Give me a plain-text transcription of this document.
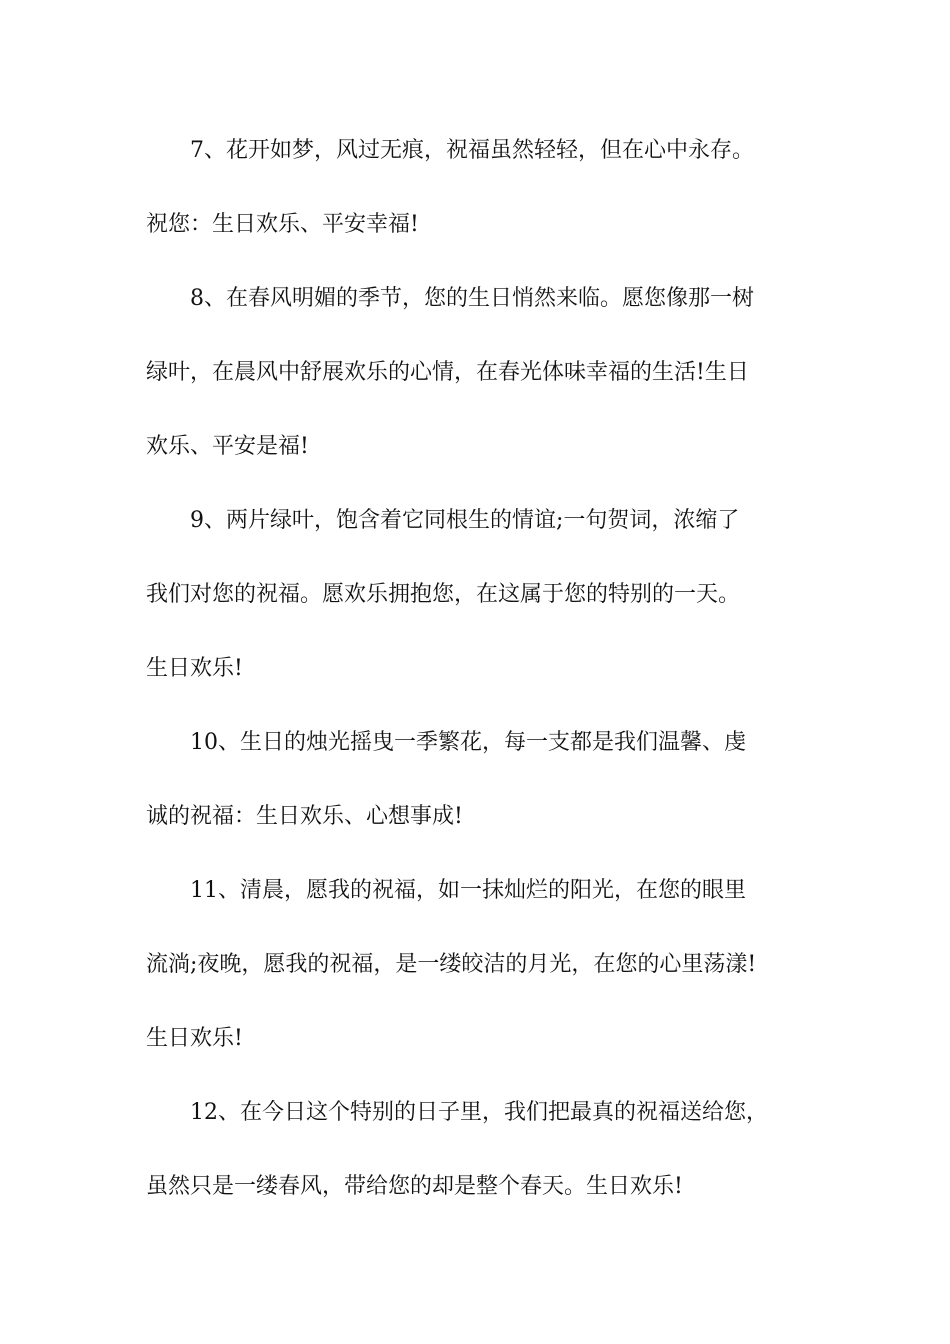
7、花开如梦，风过无痕，祝福虽然轻轻，但在心中永存。
祝您：生日欢乐、平安幸福!
8、在春风明媚的季节，您的生日悄然来临。愿您像那一树
绿叶，在晨风中舒展欢乐的心情，在春光体味幸福的生活!生日
欢乐、平安是福!
9、两片绿叶，饱含着它同根生的情谊;一句贺词，浓缩了
我们对您的祝福。愿欢乐拥抱您，在这属于您的特别的一天。
生日欢乐!
10、生日的烛光摇曳一季繁花，每一支都是我们温馨、虔
诚的祝福：生日欢乐、心想事成!
11、清晨，愿我的祝福，如一抹灿烂的阳光，在您的眼里
流淌;夜晚，愿我的祝福，是一缕皎洁的月光，在您的心里荡漾!
生日欢乐!
12、在今日这个特别的日子里，我们把最真的祝福送给您，
虽然只是一缕春风，带给您的却是整个春天。生日欢乐!
